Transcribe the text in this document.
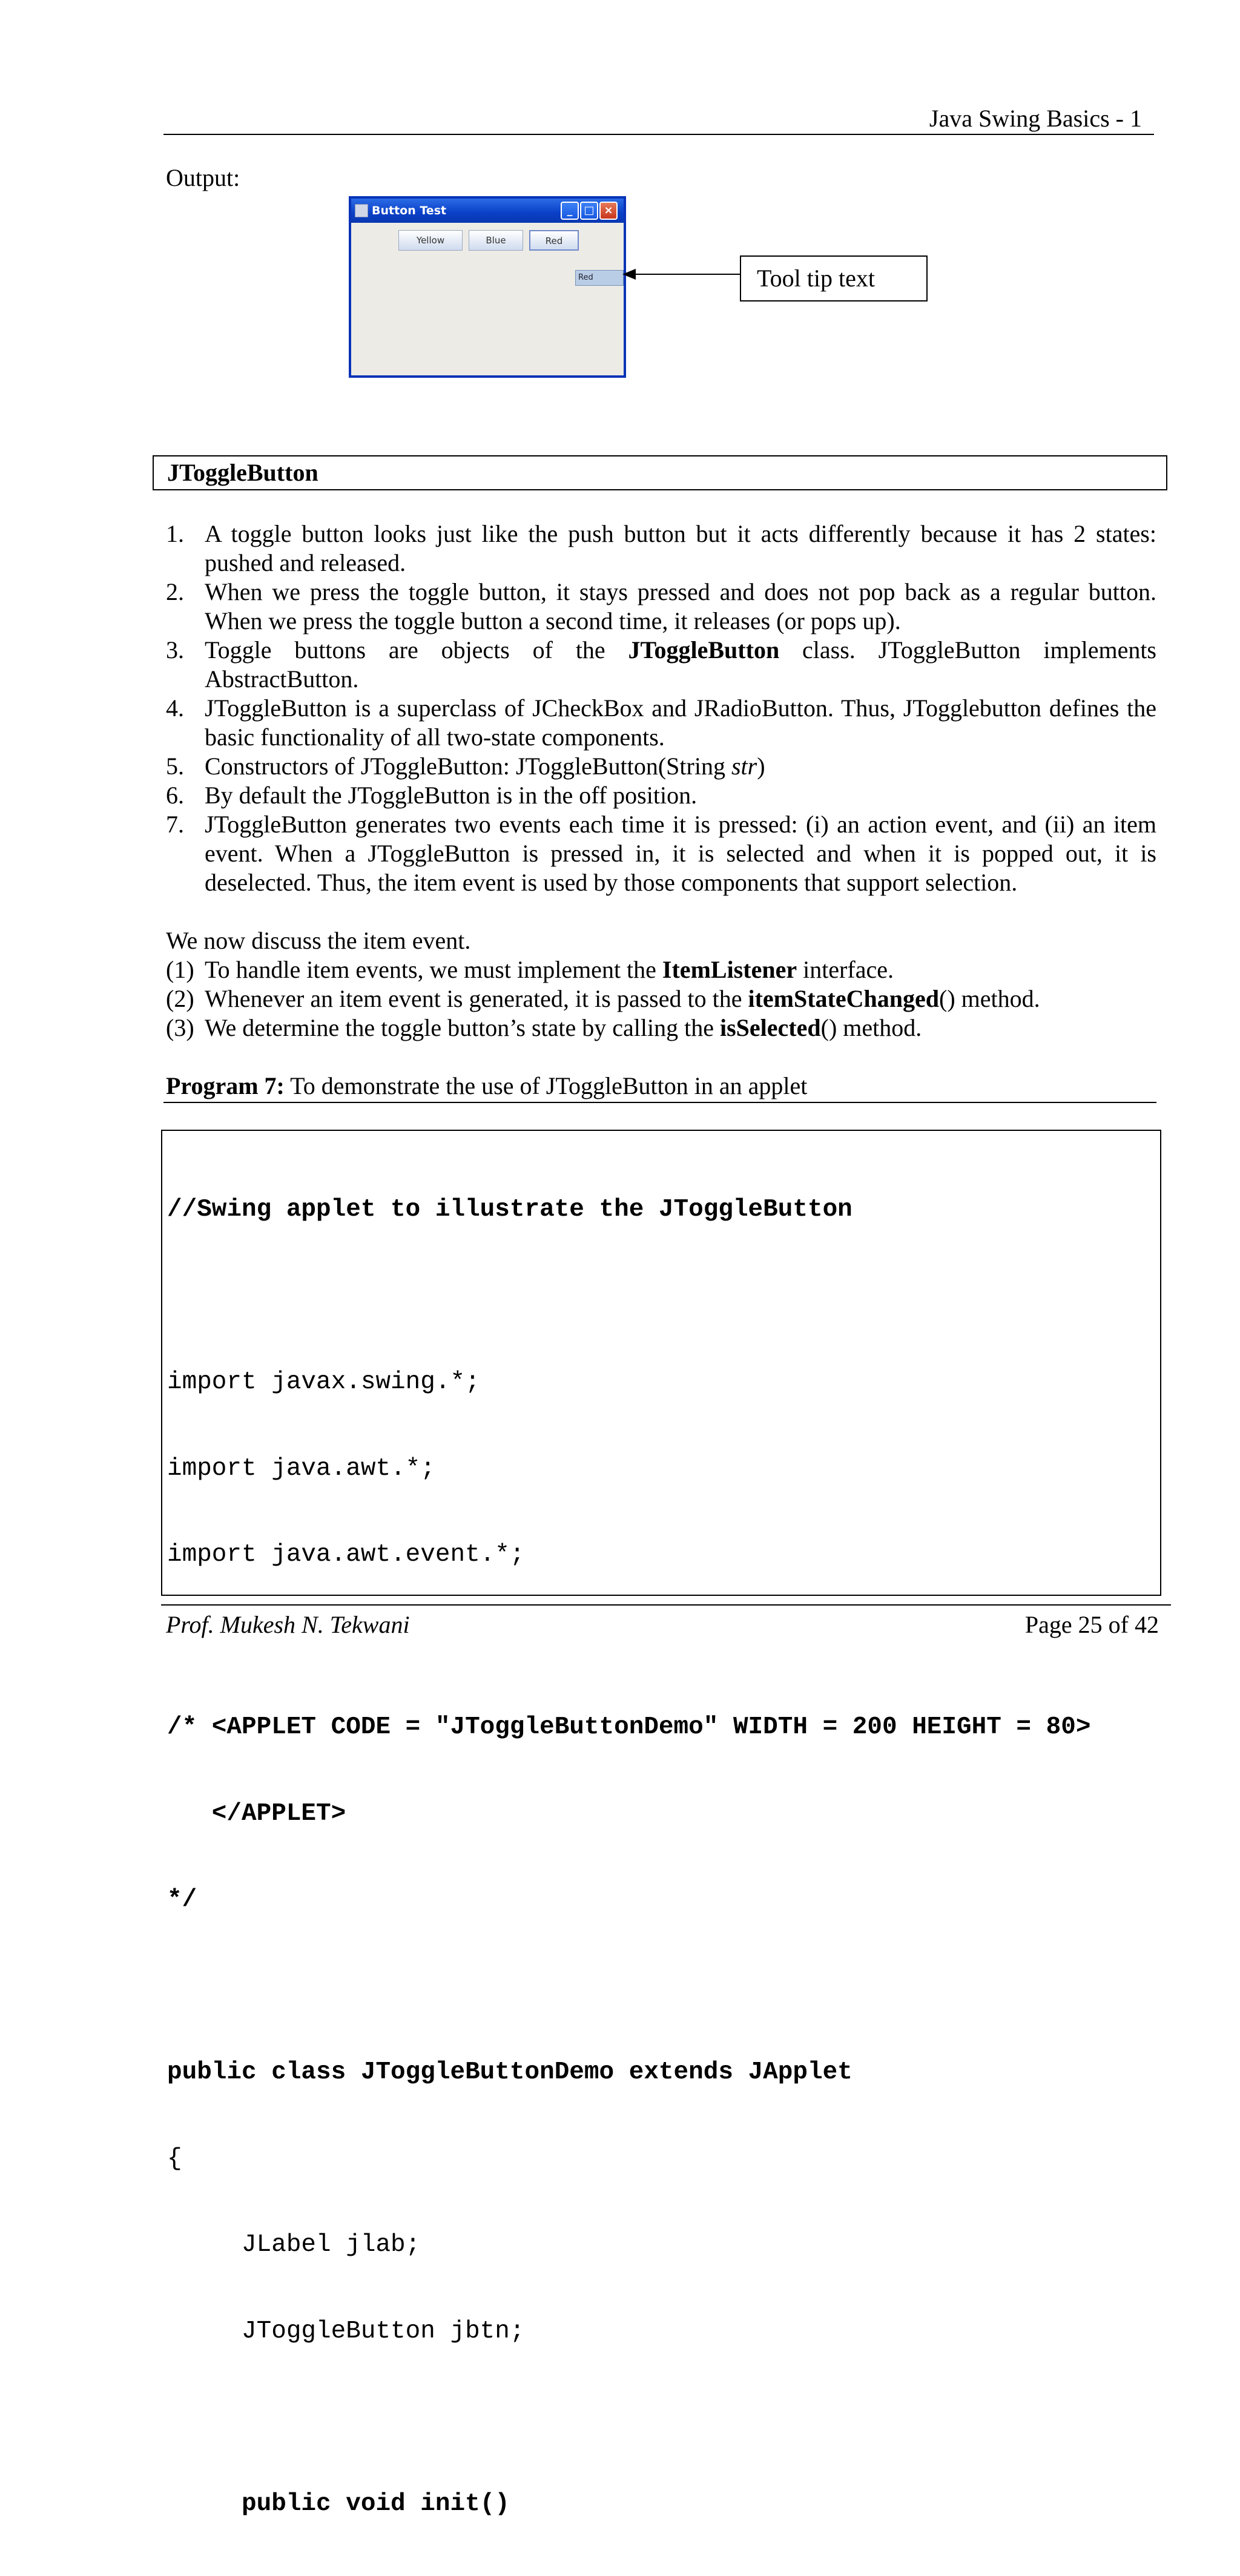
Java Swing Basics - 1
Output:
Button Test	_	□ ×
Yellow	Blue	Red
Red	Tool tip text
JToggleButton
1. A toggle button looks just like the push button but it acts differently because it has 2 states: pushed and released.
2. When we press the toggle button, it stays pressed and does not pop back as a regular button. When we press the toggle button a second time, it releases (or pops up).
3. Toggle buttons are objects of the JToggleButton class. JToggleButton implements AbstractButton.
4. JToggleButton is a superclass of JCheckBox and JRadioButton. Thus, JTogglebutton defines the basic functionality of all two-state components.
5. Constructors of JToggleButton: JToggleButton(String str)
6. By default the JToggleButton is in the off position.
7. JToggleButton generates two events each time it is pressed: (i) an action event, and (ii) an item event. When a JToggleButton is pressed in, it is selected and when it is popped out, it is deselected. Thus, the item event is used by those components that support selection.
We now discuss the item event.
(1) To handle item events, we must implement the ItemListener interface.
(2) Whenever an item event is generated, it is passed to the itemStateChanged() method.
(3) We determine the toggle button’s state by calling the isSelected() method.
Program 7: To demonstrate the use of JToggleButton in an applet

//Swing applet to illustrate the JToggleButton

import javax.swing.*;

import java.awt.*;

import java.awt.event.*;

/* <APPLET CODE = "JToggleButtonDemo" WIDTH = 200 HEIGHT = 80>

</APPLET>

*/

public class JToggleButtonDemo extends JApplet

{

JLabel jlab;

JToggleButton jbtn;

public void init()

Prof. Mukesh N. Tekwani	Page 25 of 42
